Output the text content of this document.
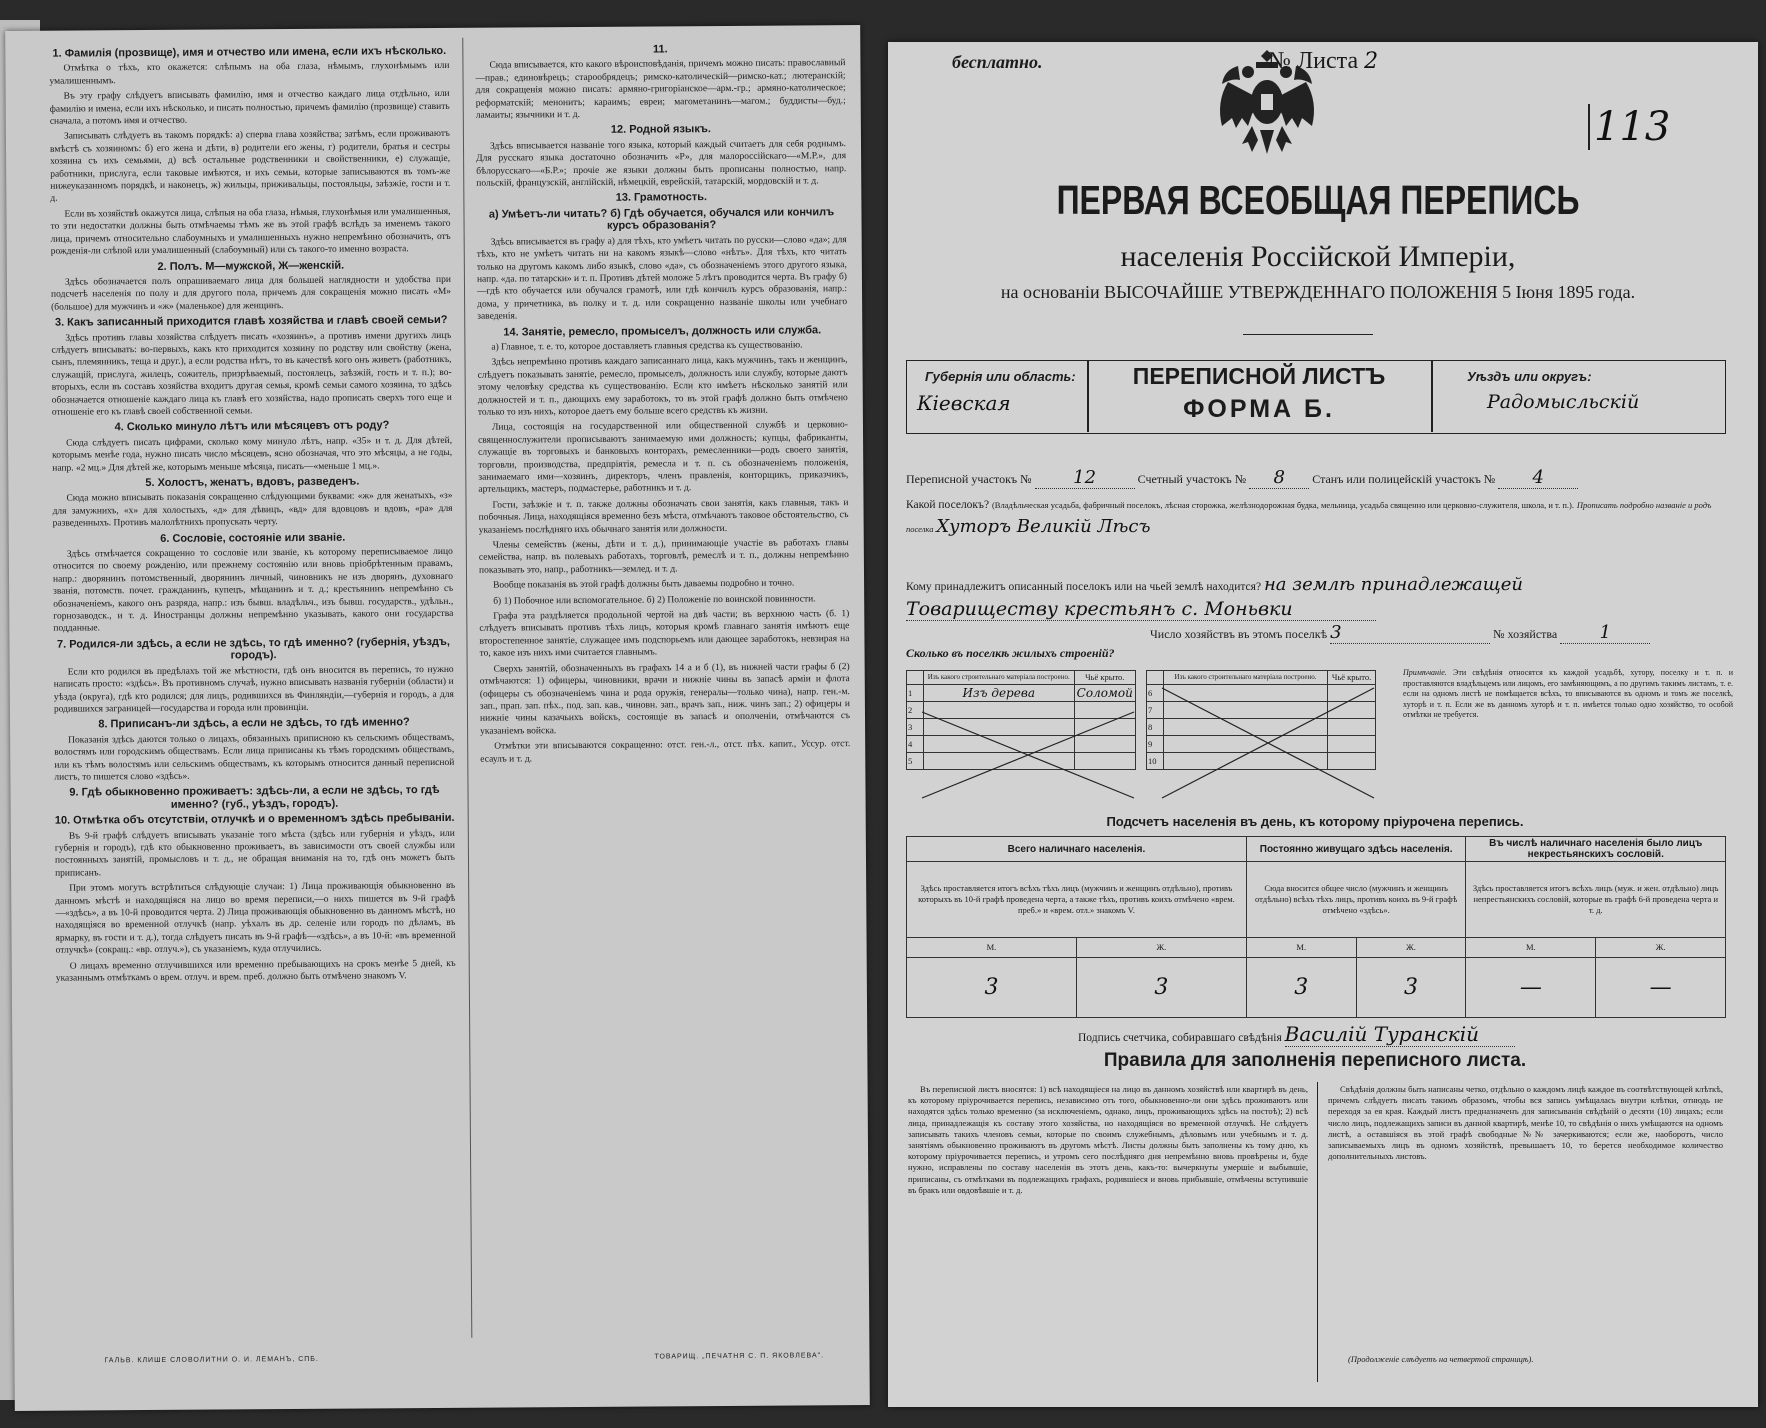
1. Фамилія (прозвище), имя и отчество или имена, если ихъ нѣсколько.

Отмѣтка о тѣхъ, кто окажется: слѣпымъ на оба глаза, нѣмымъ, глухонѣмымъ или умалишеннымъ.

Въ эту графу слѣдуетъ вписывать фамилію, имя и отчество каждаго лица отдѣльно, или фамилію и имена, если ихъ нѣсколько, и писать полностью, причемъ фамилію (прозвище) ставить сначала, а потомъ имя и отчество.

Записывать слѣдуетъ въ такомъ порядкѣ: а) сперва глава хозяйства; затѣмъ, если проживаютъ вмѣстѣ съ хозяиномъ: б) его жена и дѣти, в) родители его жены, г) родители, братья и сестры хозяина съ ихъ семьями, д) всѣ остальные родственники и свойственники, е) служащіе, работники, прислуга, если таковые имѣются, и ихъ семьи, которые записываются въ томъ-же нижеуказанномъ порядкѣ, и наконецъ, ж) жильцы, приживальцы, постояльцы, заѣзжіе, гости и т. д.

Если въ хозяйствѣ окажутся лица, слѣпыя на оба глаза, нѣмыя, глухонѣмыя или умалишенныя, то эти недостатки должны быть отмѣчаемы тѣмъ же въ этой графѣ вслѣдъ за именемъ такого лица, причемъ относительно слабоумныхъ и умалишенныхъ нужно непремѣнно обозначить, отъ рожденія-ли слѣпой или умалишенный (слабоумный) или съ такого-то именно возраста.

2. Полъ. М—мужской, Ж—женскій.

Здѣсь обозначается полъ опрашиваемаго лица для большей наглядности и удобства при подсчетѣ населенія по полу и для другого пола, причемъ для сокращенія можно писать «М» (большое) для мужчинъ и «ж» (маленькое) для женщинъ.

3. Какъ записанный приходится главѣ хозяйства и главѣ своей семьи?

Здѣсь противъ главы хозяйства слѣдуетъ писать «хозяинъ», а противъ имени другихъ лицъ слѣдуетъ вписывать: во-первыхъ, какъ кто приходится хозяину по родству или свойству (жена, сынъ, племянникъ, теща и друг.), а если родства нѣтъ, то въ качествѣ кого онъ живетъ (работникъ, служащій, прислуга, жилецъ, сожитель, призрѣваемый, постоялецъ, заѣзжій, гость и т. п.); во-вторыхъ, если въ составъ хозяйства входитъ другая семья, кромѣ семьи самого хозяина, то здѣсь обозначается отношеніе каждаго лица къ главѣ его хозяйства, надо прописать сверхъ того еще и отношеніе его къ главѣ своей собственной семьи.

4. Сколько минуло лѣтъ или мѣсяцевъ отъ роду?

Сюда слѣдуетъ писать цифрами, сколько кому минуло лѣтъ, напр. «35» и т. д. Для дѣтей, которымъ менѣе года, нужно писать число мѣсяцевъ, ясно обозначая, что это мѣсяцы, а не годы, напр. «2 мц.» Для дѣтей же, которымъ меньше мѣсяца, писать—«меньше 1 мц.».

5. Холостъ, женатъ, вдовъ, разведенъ.

Сюда можно вписывать показанія сокращенно слѣдующими буквами: «ж» для женатыхъ, «з» для замужнихъ, «х» для холостыхъ, «д» для дѣвицъ, «вд» для вдовцовъ и вдовъ, «ра» для разведенныхъ. Противъ малолѣтнихъ пропускать черту.

6. Сословіе, состояніе или званіе.

Здѣсь отмѣчается сокращенно то сословіе или званіе, къ которому переписываемое лицо относится по своему рожденію, или прежнему состоянію или вновь пріобрѣтенным правамъ, напр.: дворянинъ потомственный, дворянинъ личный, чиновникъ не изъ дворянъ, духовнаго званія, потомств. почет. гражданинъ, купецъ, мѣщанинъ и т. д.; крестьянинъ непремѣнно съ обозначеніемъ, какого онъ разряда, напр.: изъ бывш. владѣльч., изъ бывш. государств., удѣльн., горнозаводск., и т. д. Иностранцы должны непремѣнно указывать, какого они государства подданные.

7. Родился-ли здѣсь, а если не здѣсь, то гдѣ именно? (губернія, уѣздъ, городъ).

Если кто родился въ предѣлахъ той же мѣстности, гдѣ онъ вносится въ перепись, то нужно написать просто: «здѣсь». Въ противномъ случаѣ, нужно вписывать названія губерніи (области) и уѣзда (округа), гдѣ кто родился; для лицъ, родившихся въ Финляндіи,—губернія и городъ, а для родившихся заграницей—государства и города или провинціи.

8. Приписанъ-ли здѣсь, а если не здѣсь, то гдѣ именно?

Показанія здѣсь даются только о лицахъ, обязанныхъ приписною къ сельскимъ обществамъ, волостямъ или городскимъ обществамъ. Если лица приписаны къ тѣмъ городскимъ обществамъ, или къ тѣмъ волостямъ или сельскимъ обществамъ, къ которымъ относится данный переписной листъ, то пишется слово «здѣсь».

9. Гдѣ обыкновенно проживаетъ: здѣсь-ли, а если не здѣсь, то гдѣ именно? (губ., уѣздъ, городъ).
10. Отмѣтка объ отсутствіи, отлучкѣ и о временномъ здѣсь пребываніи.

Въ 9-й графѣ слѣдуетъ вписывать указаніе того мѣста (здѣсь или губернія и уѣздъ, или губернія и городъ), гдѣ кто обыкновенно проживаетъ, въ зависимости отъ своей службы или постоянныхъ занятій, промысловъ и т. д., не обращая вниманія на то, гдѣ онъ можетъ быть приписанъ.

При этомъ могутъ встрѣтиться слѣдующіе случаи: 1) Лица проживающія обыкновенно въ данномъ мѣстѣ и находящіяся на лицо во время переписи,—о нихъ пишется въ 9-й графѣ—«здѣсь», а въ 10-й проводится черта. 2) Лица проживающія обыкновенно въ данномъ мѣстѣ, но находящіяся во временной отлучкѣ (напр. уѣхалъ въ др. селеніе или городъ по дѣламъ, въ ярмарку, въ гости и т. д.), тогда слѣдуетъ писать въ 9-й графѣ—«здѣсь», а въ 10-й: «въ временной отлучкѣ» (сокращ.: «вр. отлуч.»), съ указаніемъ, куда отлучились.

О лицахъ временно отлучившихся или временно пребывающихъ на срокъ менѣе 5 дней, къ указаннымъ отмѣткамъ о врем. отлуч. и врем. преб. должно быть отмѣчено знакомъ V.

11.

Сюда вписывается, кто какого вѣроисповѣданія, причемъ можно писать: православный—прав.; единовѣрецъ; старообрядецъ; римско-католическій—римско-кат.; лютеранскій; для сокращенія можно писать: армяно-григоріанское—арм.-гр.; армяно-католическое; реформатскій; менонитъ; караимъ; евреи; магометанинъ—магом.; буддисты—буд.; ламаиты; язычники и т. д.

12. Родной языкъ.

Здѣсь вписывается названіе того языка, который каждый считаетъ для себя роднымъ. Для русскаго языка достаточно обозначить «Р», для малороссійскаго—«М.Р.», для бѣлорусскаго—«Б.Р.»; прочіе же языки должны быть прописаны полностью, напр. польскій, французскій, англійскій, нѣмецкій, еврейскій, татарскій, мордовскій и т. д.

13. Грамотность.
а) Умѣетъ-ли читать? б) Гдѣ обучается, обучался или кончилъ курсъ образованія?

Здѣсь вписывается въ графу а) для тѣхъ, кто умѣетъ читать по русски—слово «да»; для тѣхъ, кто не умѣетъ читать ни на какомъ языкѣ—слово «нѣтъ». Для тѣхъ, кто читать только на другомъ какомъ либо языкѣ, слово «да», съ обозначеніемъ этого другого языка, напр. «да. по татарски» и т. п. Противъ дѣтей моложе 5 лѣтъ проводится черта. Въ графу б)—гдѣ кто обучается или обучался грамотѣ, или гдѣ кончилъ курсъ образованія, напр.: дома, у причетника, въ полку и т. д. или сокращенно названіе школы или учебнаго заведенія.

14. Занятіе, ремесло, промыселъ, должность или служба.

а) Главное, т. е. то, которое доставляетъ главныя средства къ существованію.

Здѣсь непремѣнно противъ каждаго записаннаго лица, какъ мужчинъ, такъ и женщинъ, слѣдуетъ показывать занятіе, ремесло, промыселъ, должность или службу, которые даютъ этому человѣку средства къ существованію. Если кто имѣетъ нѣсколько занятій или должностей и т. п., дающихъ ему заработокъ, то въ этой графѣ должно быть отмѣчено только то изъ нихъ, которое даетъ ему больше всего средствъ къ жизни.

Лица, состоящія на государственной или общественной службѣ и церковно-священнослужители прописываютъ занимаемую ими должность; купцы, фабриканты, служащіе въ торговыхъ и банковыхъ конторахъ, ремесленники—родъ своего занятія, торговли, производства, предпріятія, ремесла и т. п. съ обозначеніемъ положенія, занимаемаго ими—хозяинъ, директоръ, членъ правленія, конторщикъ, приказчикъ, артельщикъ, мастеръ, подмастерье, работникъ и т. д.

Гости, заѣзжіе и т. п. также должны обозначать свои занятія, какъ главныя, такъ и побочныя. Лица, находящіяся временно безъ мѣста, отмѣчаютъ таковое обстоятельство, съ указаніемъ послѣдняго ихъ обычнаго занятія или должности.

Члены семействъ (жены, дѣти и т. д.), принимающіе участіе въ работахъ главы семейства, напр. въ полевыхъ работахъ, торговлѣ, ремеслѣ и т. п., должны непремѣнно показывать это, напр., работникъ—землед. и т. д.

Вообще показанія въ этой графѣ должны быть даваемы подробно и точно.

б) 1) Побочное или вспомогательное. б) 2) Положеніе по воинской повинности.

Графа эта раздѣляется продольной чертой на двѣ части; въ верхнюю часть (б. 1) слѣдуетъ вписывать противъ тѣхъ лицъ, которыя кромѣ главнаго занятія имѣютъ еще второстепенное занятіе, служащее имъ подспорьемъ или дающее заработокъ, невзирая на то, какое изъ нихъ ими считается главнымъ.

Сверхъ занятій, обозначенныхъ въ графахъ 14 а и б (1), въ нижней части графы б (2) отмѣчаются: 1) офицеры, чиновники, врачи и нижніе чины въ запасѣ арміи и флота (офицеры съ обозначеніемъ чина и рода оружія, генералы—только чина), напр. ген.-м. зап., прап. зап. пѣх., под. зап. кав., чиновн. зап., врачъ зап., ниж. чинъ зап.; 2) офицеры и нижніе чины казачьихъ войскъ, состоящіе въ запасѣ и ополченіи, отмѣчаются съ указаніемъ войска.

Отмѣтки эти вписываются сокращенно: отст. ген.-л., отст. пѣх. капит., Уссур. отст. есаулъ и т. д.

ГАЛЬВ. КЛИШЕ СЛОВОЛИТНИ О. И. ЛЕМАНЪ, СПБ.	ТОВАРИЩ. „ПЕЧАТНЯ С. П. ЯКОВЛЕВА".
бесплатно.	№ Листа 2
113
ПЕРВАЯ ВСЕОБЩАЯ ПЕРЕПИСЬ
населенія Россійской Имперіи,
на основаніи ВЫСОЧАЙШЕ УТВЕРЖДЕННАГО ПОЛОЖЕНІЯ 5 Іюня 1895 года.
Губернія или область:
Кіевская
ПЕРЕПИСНОЙ ЛИСТЪ
ФОРМА Б.
Уѣздъ или округъ:
Радомысльскій
Переписной участокъ № 12	Счетный участокъ № 8 Станъ или полицейскій участокъ № 4
Какой поселокъ? (Владѣльческая усадьба, фабричный поселокъ, лѣсная сторожка, желѣзнодорожная будка, мельница, усадьба священно или церковно-служителя, школа, и т. п.). Прописать подробно названіе и родъ поселка Хуторъ Великій Лѣсъ
Кому принадлежитъ описанный поселокъ или на чьей землѣ находится? на землѣ принадлежащей
Товариществу крестьянъ с. Моньвки
Число хозяйствъ въ этомъ поселкѣ 3	№ хозяйства 1
Сколько въ поселкѣ жилыхъ строеній?
	Изъ какого строительнаго матеріала построено.	Чьё крыто.
1	Изъ дерева	Соломой
2		
3		
4		
5		
	Изъ какого строительнаго матеріала построено.	Чьё крыто.
6		
7		
8		
9		
10		
Примѣчаніе. Эти свѣдѣнія относятся къ каждой усадьбѣ, хутору, поселку и т. п. и проставляются владѣльцемъ или лицомъ, его замѣняющимъ, а по другимъ такимъ листамъ, т. е. если на одномъ листѣ не помѣщается всѣхъ, то вписываются въ одномъ и томъ же поселкѣ, хуторѣ и т. п. Если же въ данномъ хуторѣ и т. п. имѣется только одно хозяйство, то особой отмѣтки не требуется.
Подсчетъ населенія въ день, къ которому пріурочена перепись.
Всего наличнаго населенія.		Постоянно живущаго здѣсь населенія.		Въ числѣ наличнаго населенія было лицъ некрестьянскихъ сословій.	
Здѣсь проставляется итогъ всѣхъ тѣхъ лицъ (мужчинъ и женщинъ отдѣльно), противъ которыхъ въ 10-й графѣ проведена черта, а также тѣхъ, противъ коихъ отмѣчено «врем. преб.» и «врем. отл.» знакомъ V.		Сюда вносится общее число (мужчинъ и женщинъ отдѣльно) всѣхъ тѣхъ лицъ, противъ коихъ въ 9-й графѣ отмѣчено «здѣсь».		Здѣсь проставляется итогъ всѣхъ лицъ (муж. и жен. отдѣльно) лицъ непрестьянскихъ сословій, которые въ графѣ 6-й проведена черта и т. д.	
М.	Ж.	М.	Ж.	М.	Ж.
3	3	3	3	—	—
Подпись счетчика, собиравшаго свѣдѣнія Василій Туранскій
Правила для заполненія переписного листа.
Въ переписной листъ вносятся: 1) всѣ находящіеся на лицо въ данномъ хозяйствѣ или квартирѣ въ день, къ которому пріурочивается перепись, независимо отъ того, обыкновенно-ли они здѣсь проживаютъ или находятся здѣсь только временно (за исключеніемъ, однако, лицъ, проживающихъ здѣсь на постоѣ); 2) всѣ лица, принадлежащія къ составу этого хозяйства, но находящіяся во временной отлучкѣ. Не слѣдуетъ записывать такихъ членовъ семьи, которые по своимъ служебнымъ, дѣловымъ или учебнымъ и т. д. занятіямъ обыкновенно проживаютъ въ другомъ мѣстѣ. Листы должны быть заполнены къ тому дню, къ которому пріурочивается перепись, и утромъ сего послѣдняго дня непремѣнно вновь провѣрены и, буде нужно, исправлены по составу населенія въ этотъ день, какъ-то: вычеркнуты умершіе и выбывшіе, приписаны, съ отмѣтками въ подлежащихъ графахъ, родившіеся и вновь прибывшіе, отмѣчены вступившіе въ бракъ или овдовѣвшіе и т. д.
Свѣдѣнія должны быть написаны четко, отдѣльно о каждомъ лицѣ каждое въ соотвѣтствующей клѣткѣ, причемъ слѣдуетъ писать такимъ образомъ, чтобы вся запись умѣщалась внутри клѣтки, отнюдь не переходя за ея края. Каждый листъ предназначенъ для записыванія свѣдѣній о десяти (10) лицахъ; если число лицъ, подлежащихъ записи въ данной квартирѣ, менѣе 10, то свѣдѣнія о нихъ умѣщаются на одномъ листѣ, а оставшіяся въ этой графѣ свободные №№ зачеркиваются; если же, наоборотъ, число записываемыхъ лицъ въ одномъ хозяйствѣ, превышаетъ 10, то берется необходимое количество дополнительныхъ листовъ.
(Продолженіе слѣдуетъ на четвертой страницѣ).
